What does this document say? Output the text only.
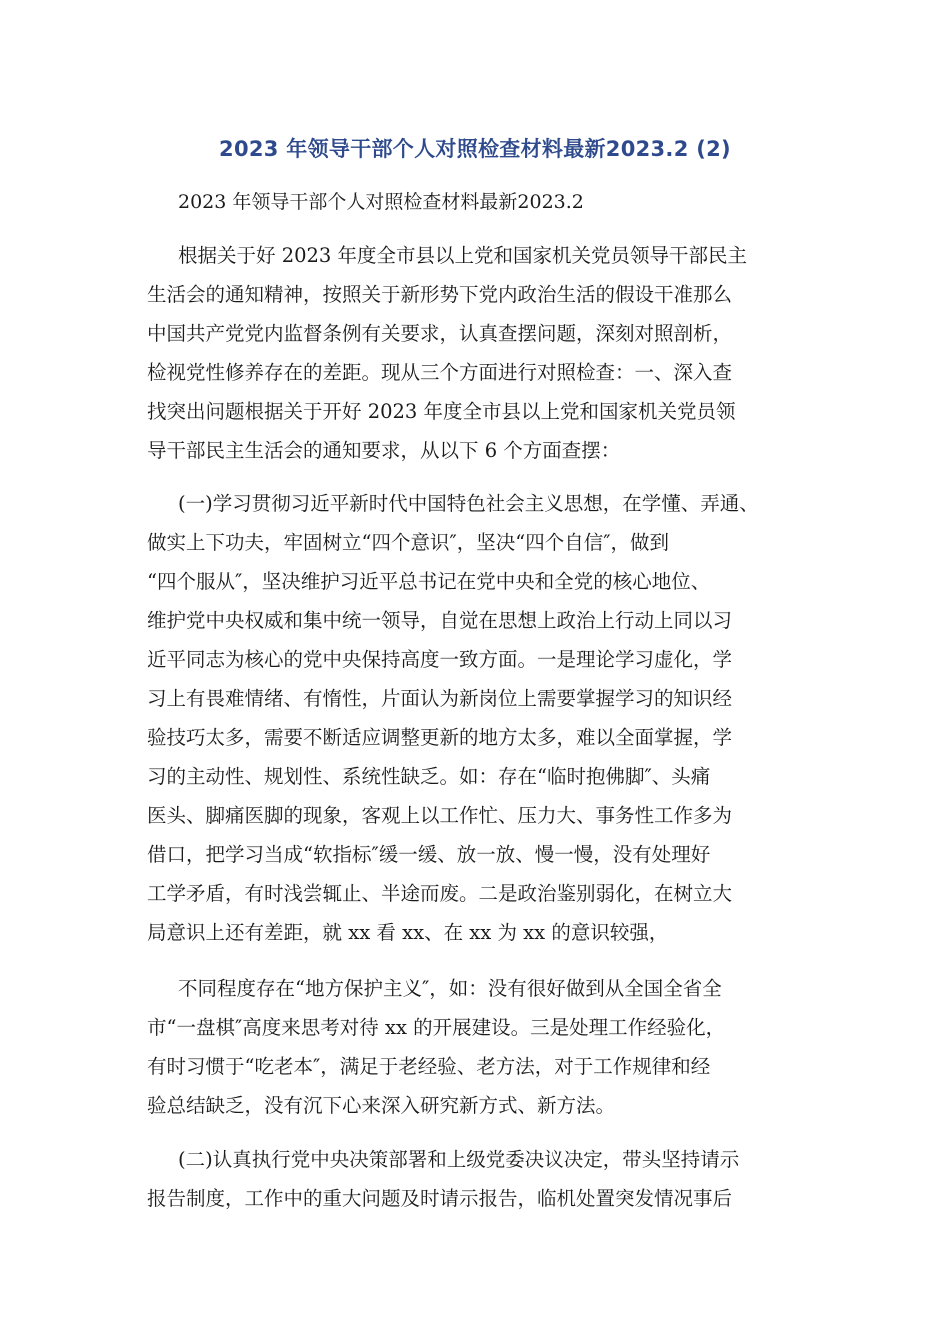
2023 年领导干部个人对照检查材料最新2023.2 (2)
2023 年领导干部个人对照检查材料最新2023.2
根据关于好 2023 年度全市县以上党和国家机关党员领导干部民主
生活会的通知精神，按照关于新形势下党内政治生活的假设干准那么
中国共产党党内监督条例有关要求，认真查摆问题，深刻对照剖析，
检视党性修养存在的差距。现从三个方面进行对照检查：一、深入查
找突出问题根据关于开好 2023 年度全市县以上党和国家机关党员领
导干部民主生活会的通知要求，从以下 6 个方面查摆：
(一)学习贯彻习近平新时代中国特色社会主义思想，在学懂、弄通、
做实上下功夫，牢固树立“四个意识″，坚决“四个自信″，做到
“四个服从″，坚决维护习近平总书记在党中央和全党的核心地位、
维护党中央权威和集中统一领导，自觉在思想上政治上行动上同以习
近平同志为核心的党中央保持高度一致方面。一是理论学习虚化，学
习上有畏难情绪、有惰性，片面认为新岗位上需要掌握学习的知识经
验技巧太多，需要不断适应调整更新的地方太多，难以全面掌握，学
习的主动性、规划性、系统性缺乏。如：存在“临时抱佛脚″、头痛
医头、脚痛医脚的现象，客观上以工作忙、压力大、事务性工作多为
借口，把学习当成“软指标″缓一缓、放一放、慢一慢，没有处理好
工学矛盾，有时浅尝辄止、半途而废。二是政治鉴别弱化，在树立大
局意识上还有差距，就 xx 看 xx、在 xx 为 xx 的意识较强，
不同程度存在“地方保护主义″，如：没有很好做到从全国全省全
市“一盘棋″高度来思考对待 xx 的开展建设。三是处理工作经验化，
有时习惯于“吃老本″，满足于老经验、老方法，对于工作规律和经
验总结缺乏，没有沉下心来深入研究新方式、新方法。
(二)认真执行党中央决策部署和上级党委决议决定，带头坚持请示
报告制度，工作中的重大问题及时请示报告，临机处置突发情况事后
